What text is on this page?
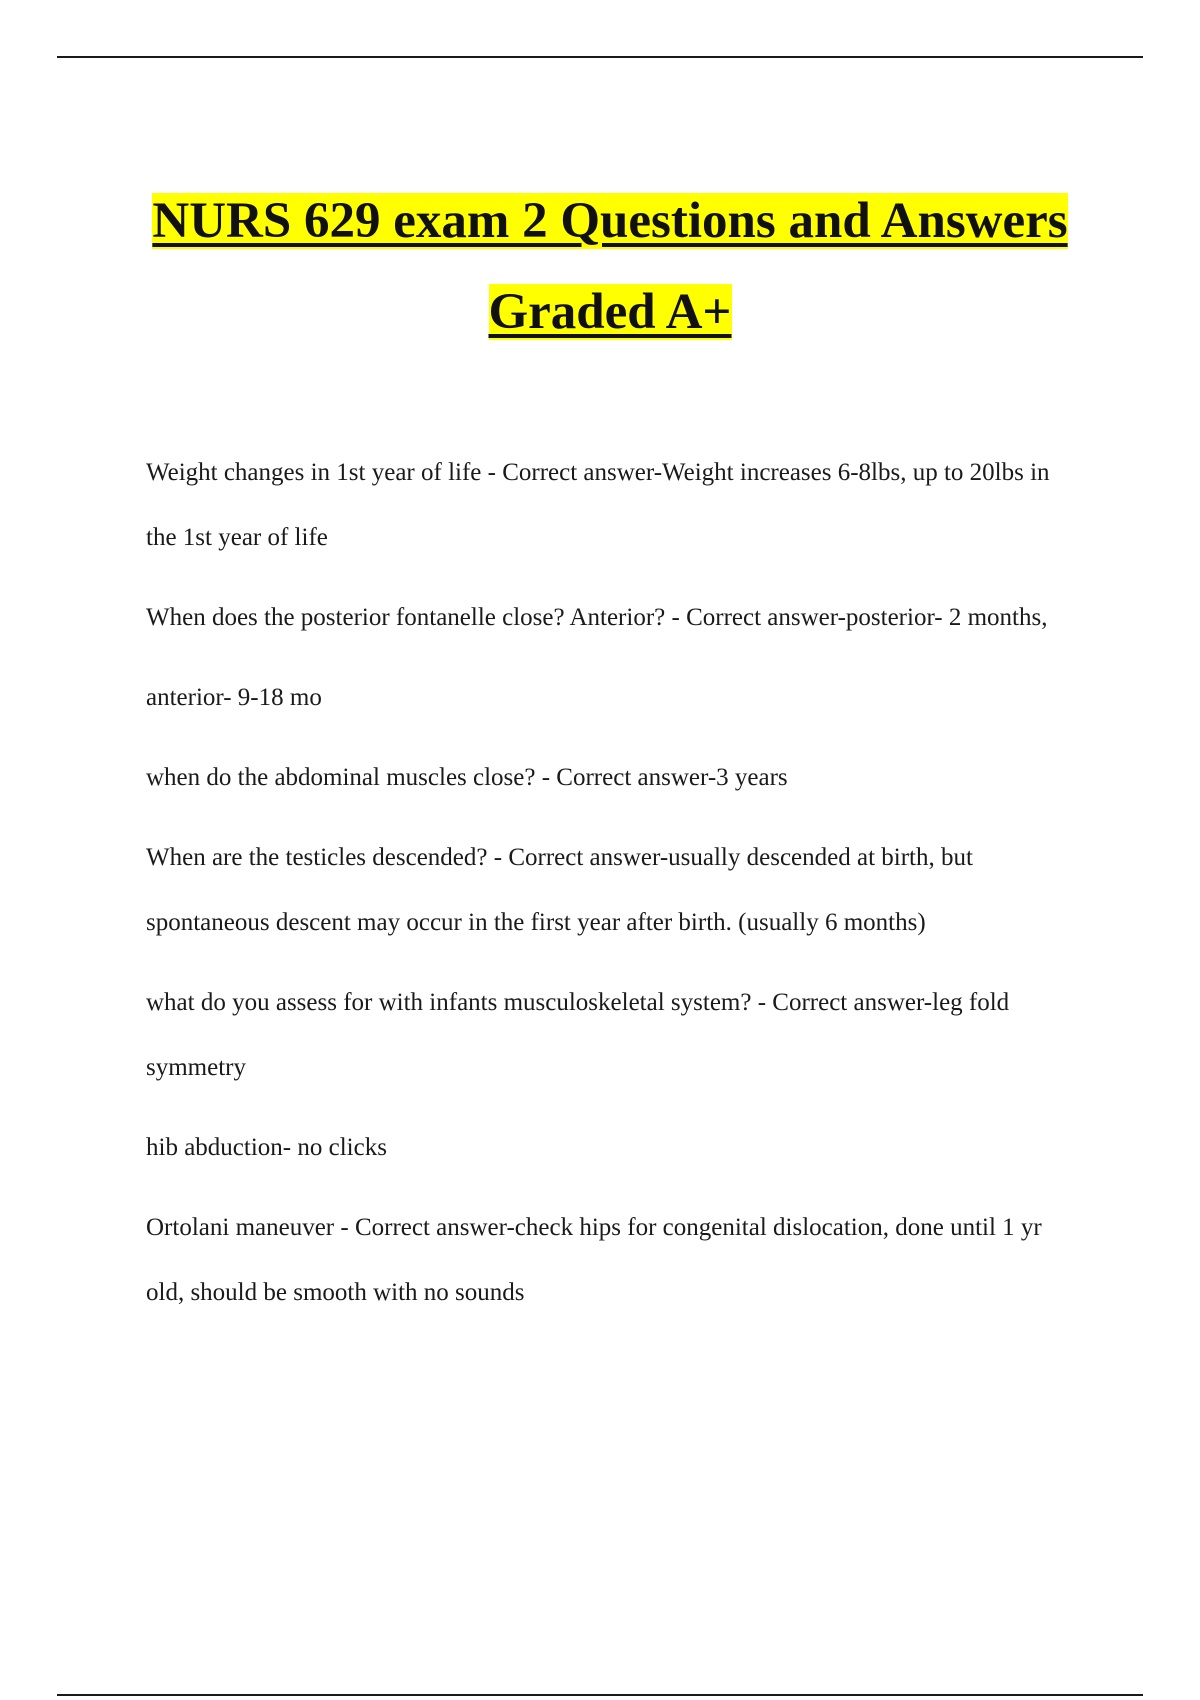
NURS 629 exam 2 Questions and Answers

Graded A+

Weight changes in 1st year of life - Correct answer-Weight increases 6-8lbs, up to 20lbs in the 1st year of life

When does the posterior fontanelle close? Anterior? - Correct answer-posterior- 2 months,

anterior- 9-18 mo

when do the abdominal muscles close? - Correct answer-3 years

When are the testicles descended? - Correct answer-usually descended at birth, but spontaneous descent may occur in the first year after birth. (usually 6 months)

what do you assess for with infants musculoskeletal system? - Correct answer-leg fold symmetry

hib abduction- no clicks

Ortolani maneuver - Correct answer-check hips for congenital dislocation, done until 1 yr old, should be smooth with no sounds
